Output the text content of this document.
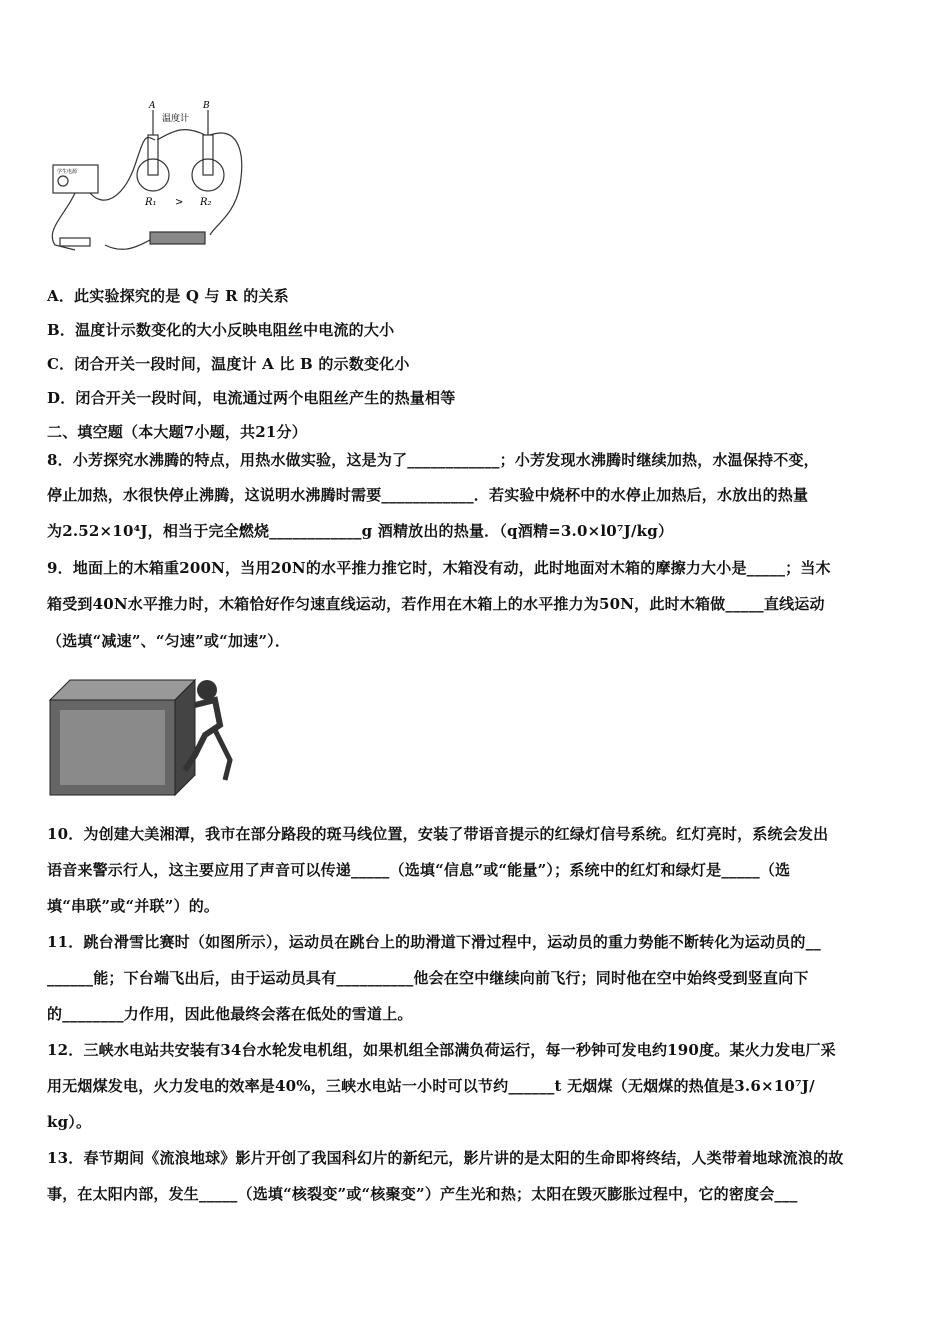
A	B
温度计
学生电源
R₁ > R₂
A．此实验探究的是 Q 与 R 的关系
B．温度计示数变化的大小反映电阻丝中电流的大小
C．闭合开关一段时间，温度计 A 比 B 的示数变化小
D．闭合开关一段时间，电流通过两个电阻丝产生的热量相等
二、填空题（本大题7小题，共21分）
8．小芳探究水沸腾的特点，用热水做实验，这是为了____________；小芳发现水沸腾时继续加热，水温保持不变，
停止加热，水很快停止沸腾，这说明水沸腾时需要____________．若实验中烧杯中的水停止加热后，水放出的热量
为2.52×10⁴J，相当于完全燃烧____________g 酒精放出的热量．（q酒精=3.0×l0⁷J/kg）
9．地面上的木箱重200N，当用20N的水平推力推它时，木箱没有动，此时地面对木箱的摩擦力大小是_____；当木
箱受到40N水平推力时，木箱恰好作匀速直线运动，若作用在木箱上的水平推力为50N，此时木箱做_____直线运动
（选填“减速”、“匀速”或“加速”）．
10．为创建大美湘潭，我市在部分路段的斑马线位置，安装了带语音提示的红绿灯信号系统。红灯亮时，系统会发出
语音来警示行人，这主要应用了声音可以传递_____（选填“信息”或“能量”）；系统中的红灯和绿灯是_____（选
填“串联”或“并联”）的。
11．跳台滑雪比赛时（如图所示），运动员在跳台上的助滑道下滑过程中，运动员的重力势能不断转化为运动员的__
______能；下台端飞出后，由于运动员具有__________他会在空中继续向前飞行；同时他在空中始终受到竖直向下
的________力作用，因此他最终会落在低处的雪道上。
12．三峡水电站共安装有34台水轮发电机组，如果机组全部满负荷运行，每一秒钟可发电约190度。某火力发电厂采
用无烟煤发电，火力发电的效率是40%，三峡水电站一小时可以节约______t 无烟煤（无烟煤的热值是3.6×10⁷J/
kg）。
13．春节期间《流浪地球》影片开创了我国科幻片的新纪元，影片讲的是太阳的生命即将终结，人类带着地球流浪的故
事，在太阳内部，发生_____（选填“核裂变”或“核聚变”）产生光和热；太阳在毁灭膨胀过程中，它的密度会___
